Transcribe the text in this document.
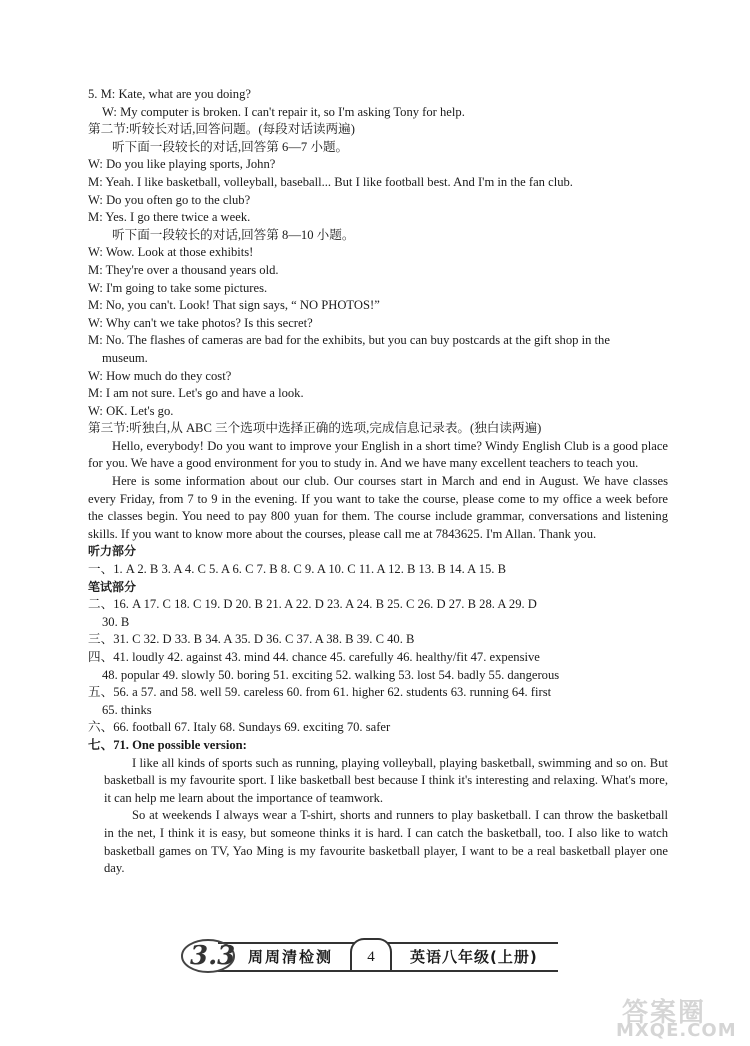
5. M: Kate, what are you doing?
W: My computer is broken. I can't repair it, so I'm asking Tony for help.
第二节:听较长对话,回答问题。(每段对话读两遍)
听下面一段较长的对话,回答第 6—7 小题。
W: Do you like playing sports, John?
M: Yeah. I like basketball, volleyball, baseball... But I like football best. And I'm in the fan club.
W: Do you often go to the club?
M: Yes. I go there twice a week.
听下面一段较长的对话,回答第 8—10 小题。
W: Wow. Look at those exhibits!
M: They're over a thousand years old.
W: I'm going to take some pictures.
M: No, you can't. Look! That sign says, “ NO PHOTOS!”
W: Why can't we take photos? Is this secret?
M: No. The flashes of cameras are bad for the exhibits, but you can buy postcards at the gift shop in the
museum.
W: How much do they cost?
M: I am not sure. Let's go and have a look.
W: OK. Let's go.
第三节:听独白,从 ABC 三个选项中选择正确的选项,完成信息记录表。(独白读两遍)
Hello, everybody! Do you want to improve your English in a short time? Windy English Club is a good place for you. We have a good environment for you to study in. And we have many excellent teachers to teach you.
Here is some information about our club. Our courses start in March and end in August. We have classes every Friday, from 7 to 9 in the evening. If you want to take the course, please come to my office a week before the classes begin. You need to pay 800 yuan for them. The course include grammar, conversations and listening skills. If you want to know more about the courses, please call me at 7843625. I'm Allan. Thank you.
听力部分
一、1. A 2. B 3. A 4. C 5. A 6. C 7. B 8. C 9. A 10. C 11. A 12. B 13. B 14. A 15. B
笔试部分
二、16. A 17. C 18. C 19. D 20. B 21. A 22. D 23. A 24. B 25. C 26. D 27. B 28. A 29. D
30. B
三、31. C 32. D 33. B 34. A 35. D 36. C 37. A 38. B 39. C 40. B
四、41. loudly 42. against 43. mind 44. chance 45. carefully 46. healthy/fit 47. expensive
48. popular 49. slowly 50. boring 51. exciting 52. walking 53. lost 54. badly 55. dangerous
五、56. a 57. and 58. well 59. careless 60. from 61. higher 62. students 63. running 64. first
65. thinks
六、66. football 67. Italy 68. Sundays 69. exciting 70. safer
七、71. One possible version:

I like all kinds of sports such as running, playing volleyball, playing basketball, swimming and so on. But basketball is my favourite sport. I like basketball best because I think it's interesting and relaxing. What's more, it can help me learn about the importance of teamwork.

So at weekends I always wear a T-shirt, shorts and runners to play basketball. I can throw the basketball in the net, I think it is easy, but someone thinks it is hard. I can catch the basketball, too. I also like to watch basketball games on TV, Yao Ming is my favourite basketball player, I want to be a real basketball player one day.

3.3 周周清检测	4	英语八年级(上册)
答案圈
MXQE.COM
